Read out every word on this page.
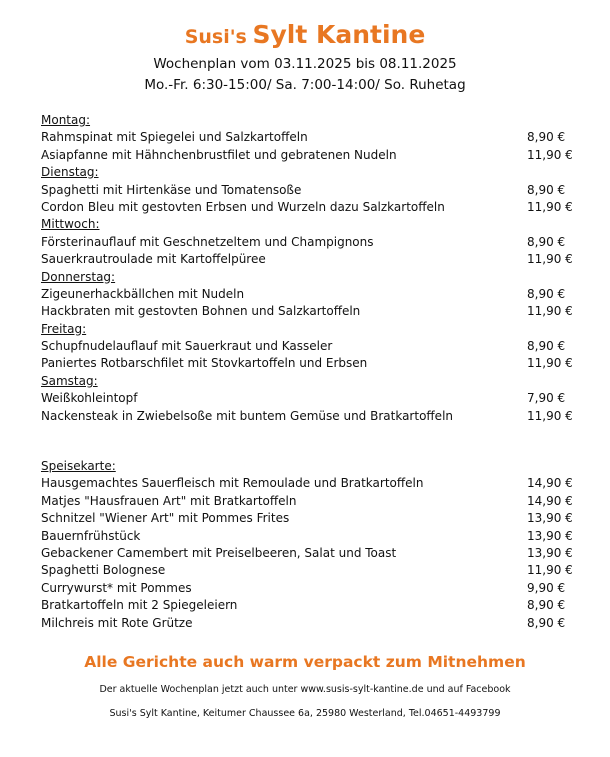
Susi's Sylt Kantine
Wochenplan vom 03.11.2025 bis 08.11.2025
Mo.-Fr. 6:30-15:00/ Sa. 7:00-14:00/ So. Ruhetag
Montag:
Rahmspinat mit Spiegelei und Salzkartoffeln	8,90 €
Asiapfanne mit Hähnchenbrustfilet und gebratenen Nudeln	11,90 €
Dienstag:
Spaghetti mit Hirtenkäse und Tomatensoße	8,90 €
Cordon Bleu mit gestovten Erbsen und Wurzeln dazu Salzkartoffeln	11,90 €
Mittwoch:
Försterinauflauf mit Geschnetzeltem und Champignons	8,90 €
Sauerkrautroulade mit Kartoffelpüree	11,90 €
Donnerstag:
Zigeunerhackbällchen mit Nudeln	8,90 €
Hackbraten mit gestovten Bohnen und Salzkartoffeln	11,90 €
Freitag:
Schupfnudelauflauf mit Sauerkraut und Kasseler	8,90 €
Paniertes Rotbarschfilet mit Stovkartoffeln und Erbsen	11,90 €
Samstag:
Weißkohleintopf	7,90 €
Nackensteak in Zwiebelsoße mit buntem Gemüse und Bratkartoffeln	11,90 €
Speisekarte:
Hausgemachtes Sauerfleisch mit Remoulade und Bratkartoffeln	14,90 €
Matjes "Hausfrauen Art" mit Bratkartoffeln	14,90 €
Schnitzel "Wiener Art" mit Pommes Frites	13,90 €
Bauernfrühstück	13,90 €
Gebackener Camembert mit Preiselbeeren, Salat und Toast	13,90 €
Spaghetti Bolognese	11,90 €
Currywurst* mit Pommes	9,90 €
Bratkartoffeln mit 2 Spiegeleiern	8,90 €
Milchreis mit Rote Grütze	8,90 €
Alle Gerichte auch warm verpackt zum Mitnehmen
Der aktuelle Wochenplan jetzt auch unter www.susis-sylt-kantine.de und auf Facebook
Susi's Sylt Kantine, Keitumer Chaussee 6a, 25980 Westerland, Tel.04651-4493799
